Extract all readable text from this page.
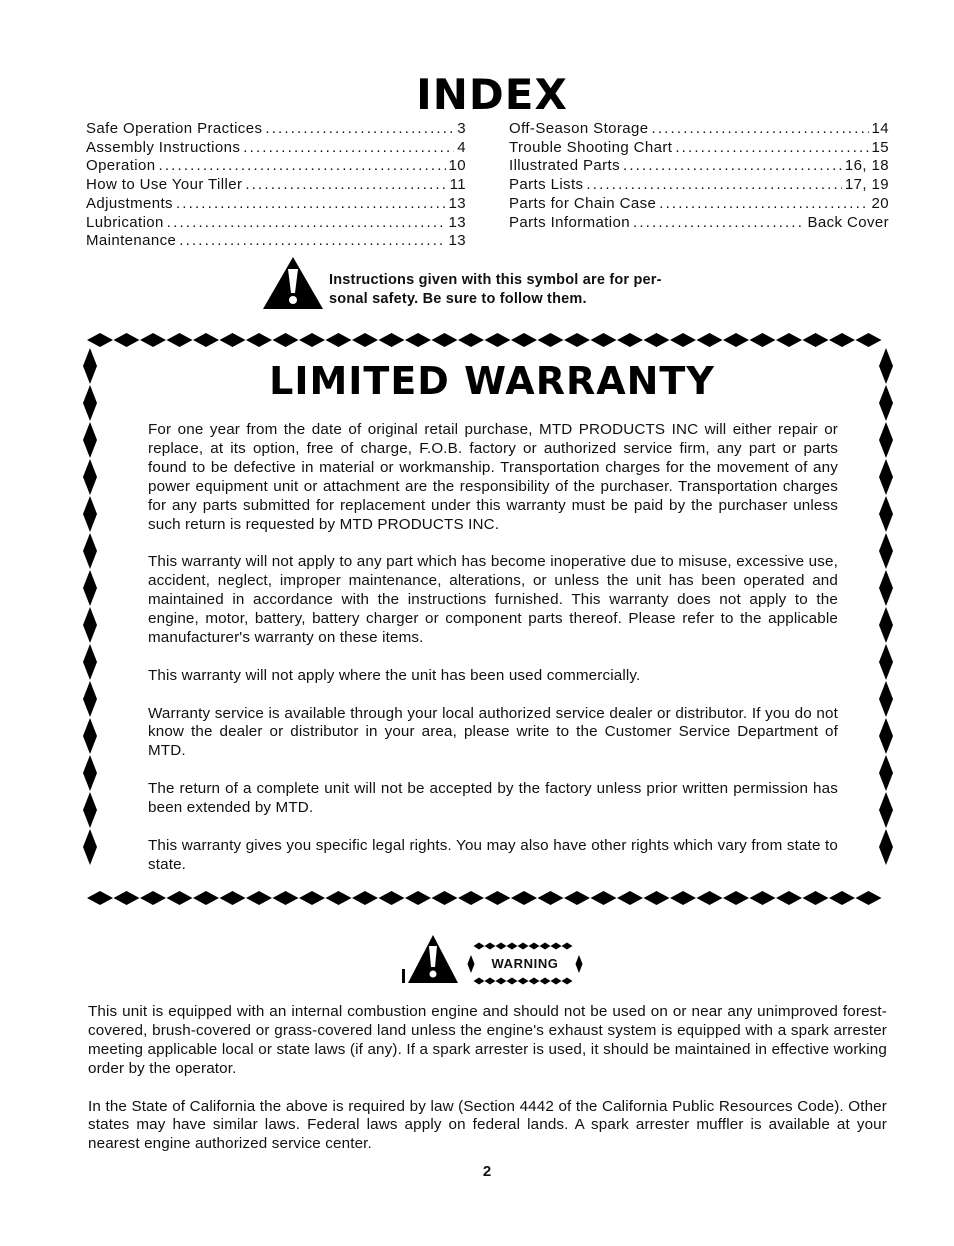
INDEX
Safe Operation Practices . . .	3
Assembly Instructions . . .	4
Operation . . .	10
How to Use Your Tiller . . .	11
Adjustments . . .	13
Lubrication . . .	13
Maintenance . . .	13
Off-Season Storage . . .	14
Trouble Shooting Chart . . .	15
Illustrated Parts . . .	16, 18
Parts Lists . . .	17, 19
Parts for Chain Case . . .	20
Parts Information . . .	Back Cover
Instructions given with this symbol are for per-
sonal safety. Be sure to follow them.
LIMITED WARRANTY

For one year from the date of original retail purchase, MTD PRODUCTS INC will either repair or replace, at its option, free of charge, F.O.B. factory or authorized service firm, any part or parts found to be defective in material or workmanship. Transportation charges for the movement of any power equipment unit or attachment are the responsibility of the purchaser. Transportation charges for any parts submitted for replacement under this warranty must be paid by the purchaser unless such return is requested by MTD PRODUCTS INC.

This warranty will not apply to any part which has become inoperative due to misuse, excessive use, accident, neglect, improper maintenance, alterations, or unless the unit has been operated and maintained in accordance with the instructions furnished. This warranty does not apply to the engine, motor, battery, battery charger or component parts thereof. Please refer to the applicable manufacturer's warranty on these items.

This warranty will not apply where the unit has been used commercially.

Warranty service is available through your local authorized service dealer or distributor. If you do not know the dealer or distributor in your area, please write to the Customer Service Department of MTD.

The return of a complete unit will not be accepted by the factory unless prior written permission has been extended by MTD.

This warranty gives you specific legal rights. You may also have other rights which vary from state to state.

WARNING

This unit is equipped with an internal combustion engine and should not be used on or near any unimproved forest-covered, brush-covered or grass-covered land unless the engine's exhaust system is equipped with a spark arrester meeting applicable local or state laws (if any). If a spark arrester is used, it should be maintained in effective working order by the operator.

In the State of California the above is required by law (Section 4442 of the California Public Resources Code). Other states may have similar laws. Federal laws apply on federal lands. A spark arrester muffler is available at your nearest engine authorized service center.

2
